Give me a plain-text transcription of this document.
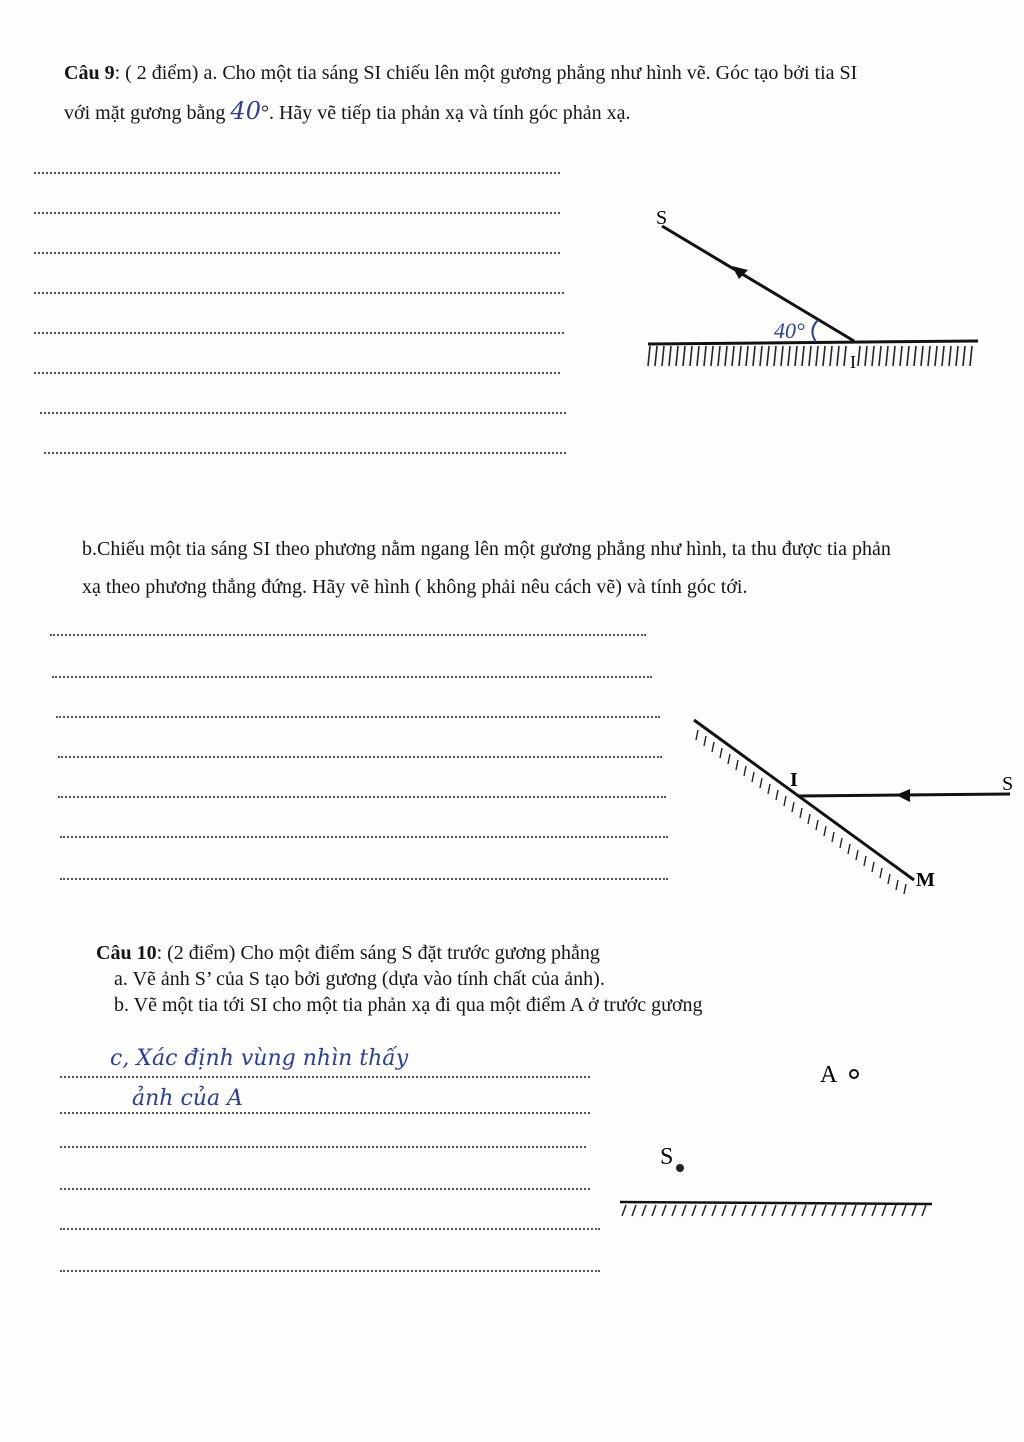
Câu 9: ( 2 điểm) a. Cho một tia sáng SI chiếu lên một gương phẳng như hình vẽ. Góc tạo bởi tia SI
với mặt gương bằng 40°. Hãy vẽ tiếp tia phản xạ và tính góc phản xạ.
S
I
40°
b.Chiếu một tia sáng SI theo phương nằm ngang lên một gương phẳng như hình, ta thu được tia phản
xạ theo phương thẳng đứng. Hãy vẽ hình ( không phải nêu cách vẽ) và tính góc tới.
I	S
M
Câu 10: (2 điểm) Cho một điểm sáng S đặt trước gương phẳng
a. Vẽ ảnh S’ của S tạo bởi gương (dựa vào tính chất của ảnh).
b. Vẽ một tia tới SI cho một tia phản xạ đi qua một điểm A ở trước gương
c, Xác định vùng nhìn thấy
ảnh của A
A
S
